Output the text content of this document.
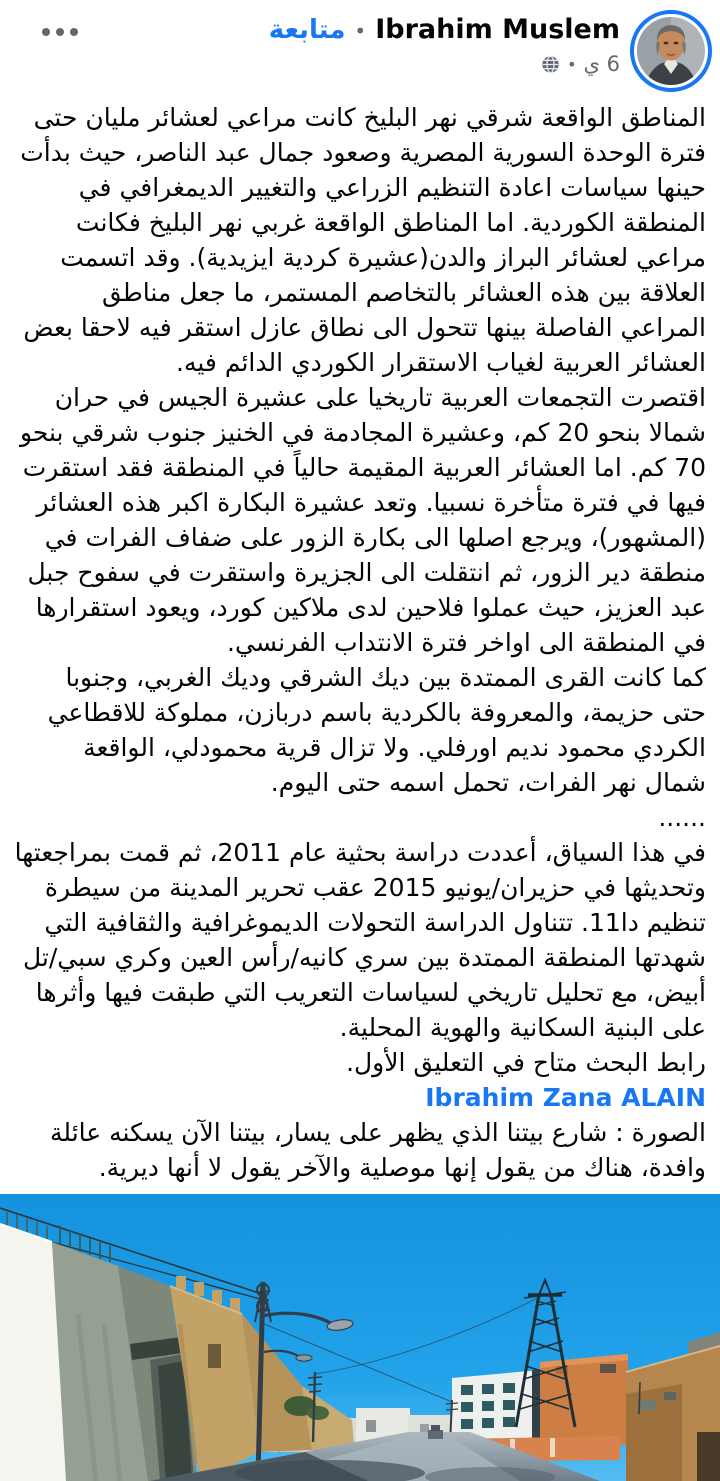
Ibrahim Muslem
•
متابعة
6 ي
•
المناطق الواقعة شرقي نهر البليخ كانت مراعي لعشائر مليان حتى فترة الوحدة السورية المصرية وصعود جمال عبد الناصر، حيث بدأت حينها سياسات اعادة التنظيم الزراعي والتغيير الديمغرافي في المنطقة الكوردية. اما المناطق الواقعة غربي نهر البليخ فكانت مراعي لعشائر البراز والدن(عشيرة كردية ايزيدية). وقد اتسمت العلاقة بين هذه العشائر بالتخاصم المستمر، ما جعل مناطق المراعي الفاصلة بينها تتحول الى نطاق عازل استقر فيه لاحقا بعض العشائر العربية لغياب الاستقرار الكوردي الدائم فيه.
اقتصرت التجمعات العربية تاريخيا على عشيرة الجيس في حران شمالا بنحو 20 كم، وعشيرة المجادمة في الخنيز جنوب شرقي بنحو 70 كم. اما العشائر العربية المقيمة حالياً في المنطقة فقد استقرت فيها في فترة متأخرة نسبيا. وتعد عشيرة البكارة اكبر هذه العشائر (المشهور)، ويرجع اصلها الى بكارة الزور على ضفاف الفرات في منطقة دير الزور، ثم انتقلت الى الجزيرة واستقرت في سفوح جبل عبد العزيز، حيث عملوا فلاحين لدى ملاكين كورد، ويعود استقرارها في المنطقة الى اواخر فترة الانتداب الفرنسي.
كما كانت القرى الممتدة بين ديك الشرقي وديك الغربي، وجنوبا حتى حزيمة، والمعروفة بالكردية باسم دربازن، مملوكة للاقطاعي الكردي محمود نديم اورفلي. ولا تزال قرية محمودلي، الواقعة شمال نهر الفرات، تحمل اسمه حتى اليوم.
......
في هذا السياق، أعددت دراسة بحثية عام 2011، ثم قمت بمراجعتها وتحديثها في حزيران/يونيو 2015 عقب تحرير المدينة من سيطرة تنظيم دا11. تتناول الدراسة التحولات الديموغرافية والثقافية التي شهدتها المنطقة الممتدة بين سري كانيه/رأس العين وكري سبي/تل أبيض، مع تحليل تاريخي لسياسات التعريب التي طبقت فيها وأثرها على البنية السكانية والهوية المحلية.
رابط البحث متاح في التعليق الأول.
Ibrahim Zana ALAIN
الصورة : شارع بيتنا الذي يظهر على يسار، بيتنا الآن يسكنه عائلة وافدة، هناك من يقول إنها موصلية والآخر يقول لا أنها ديرية.
